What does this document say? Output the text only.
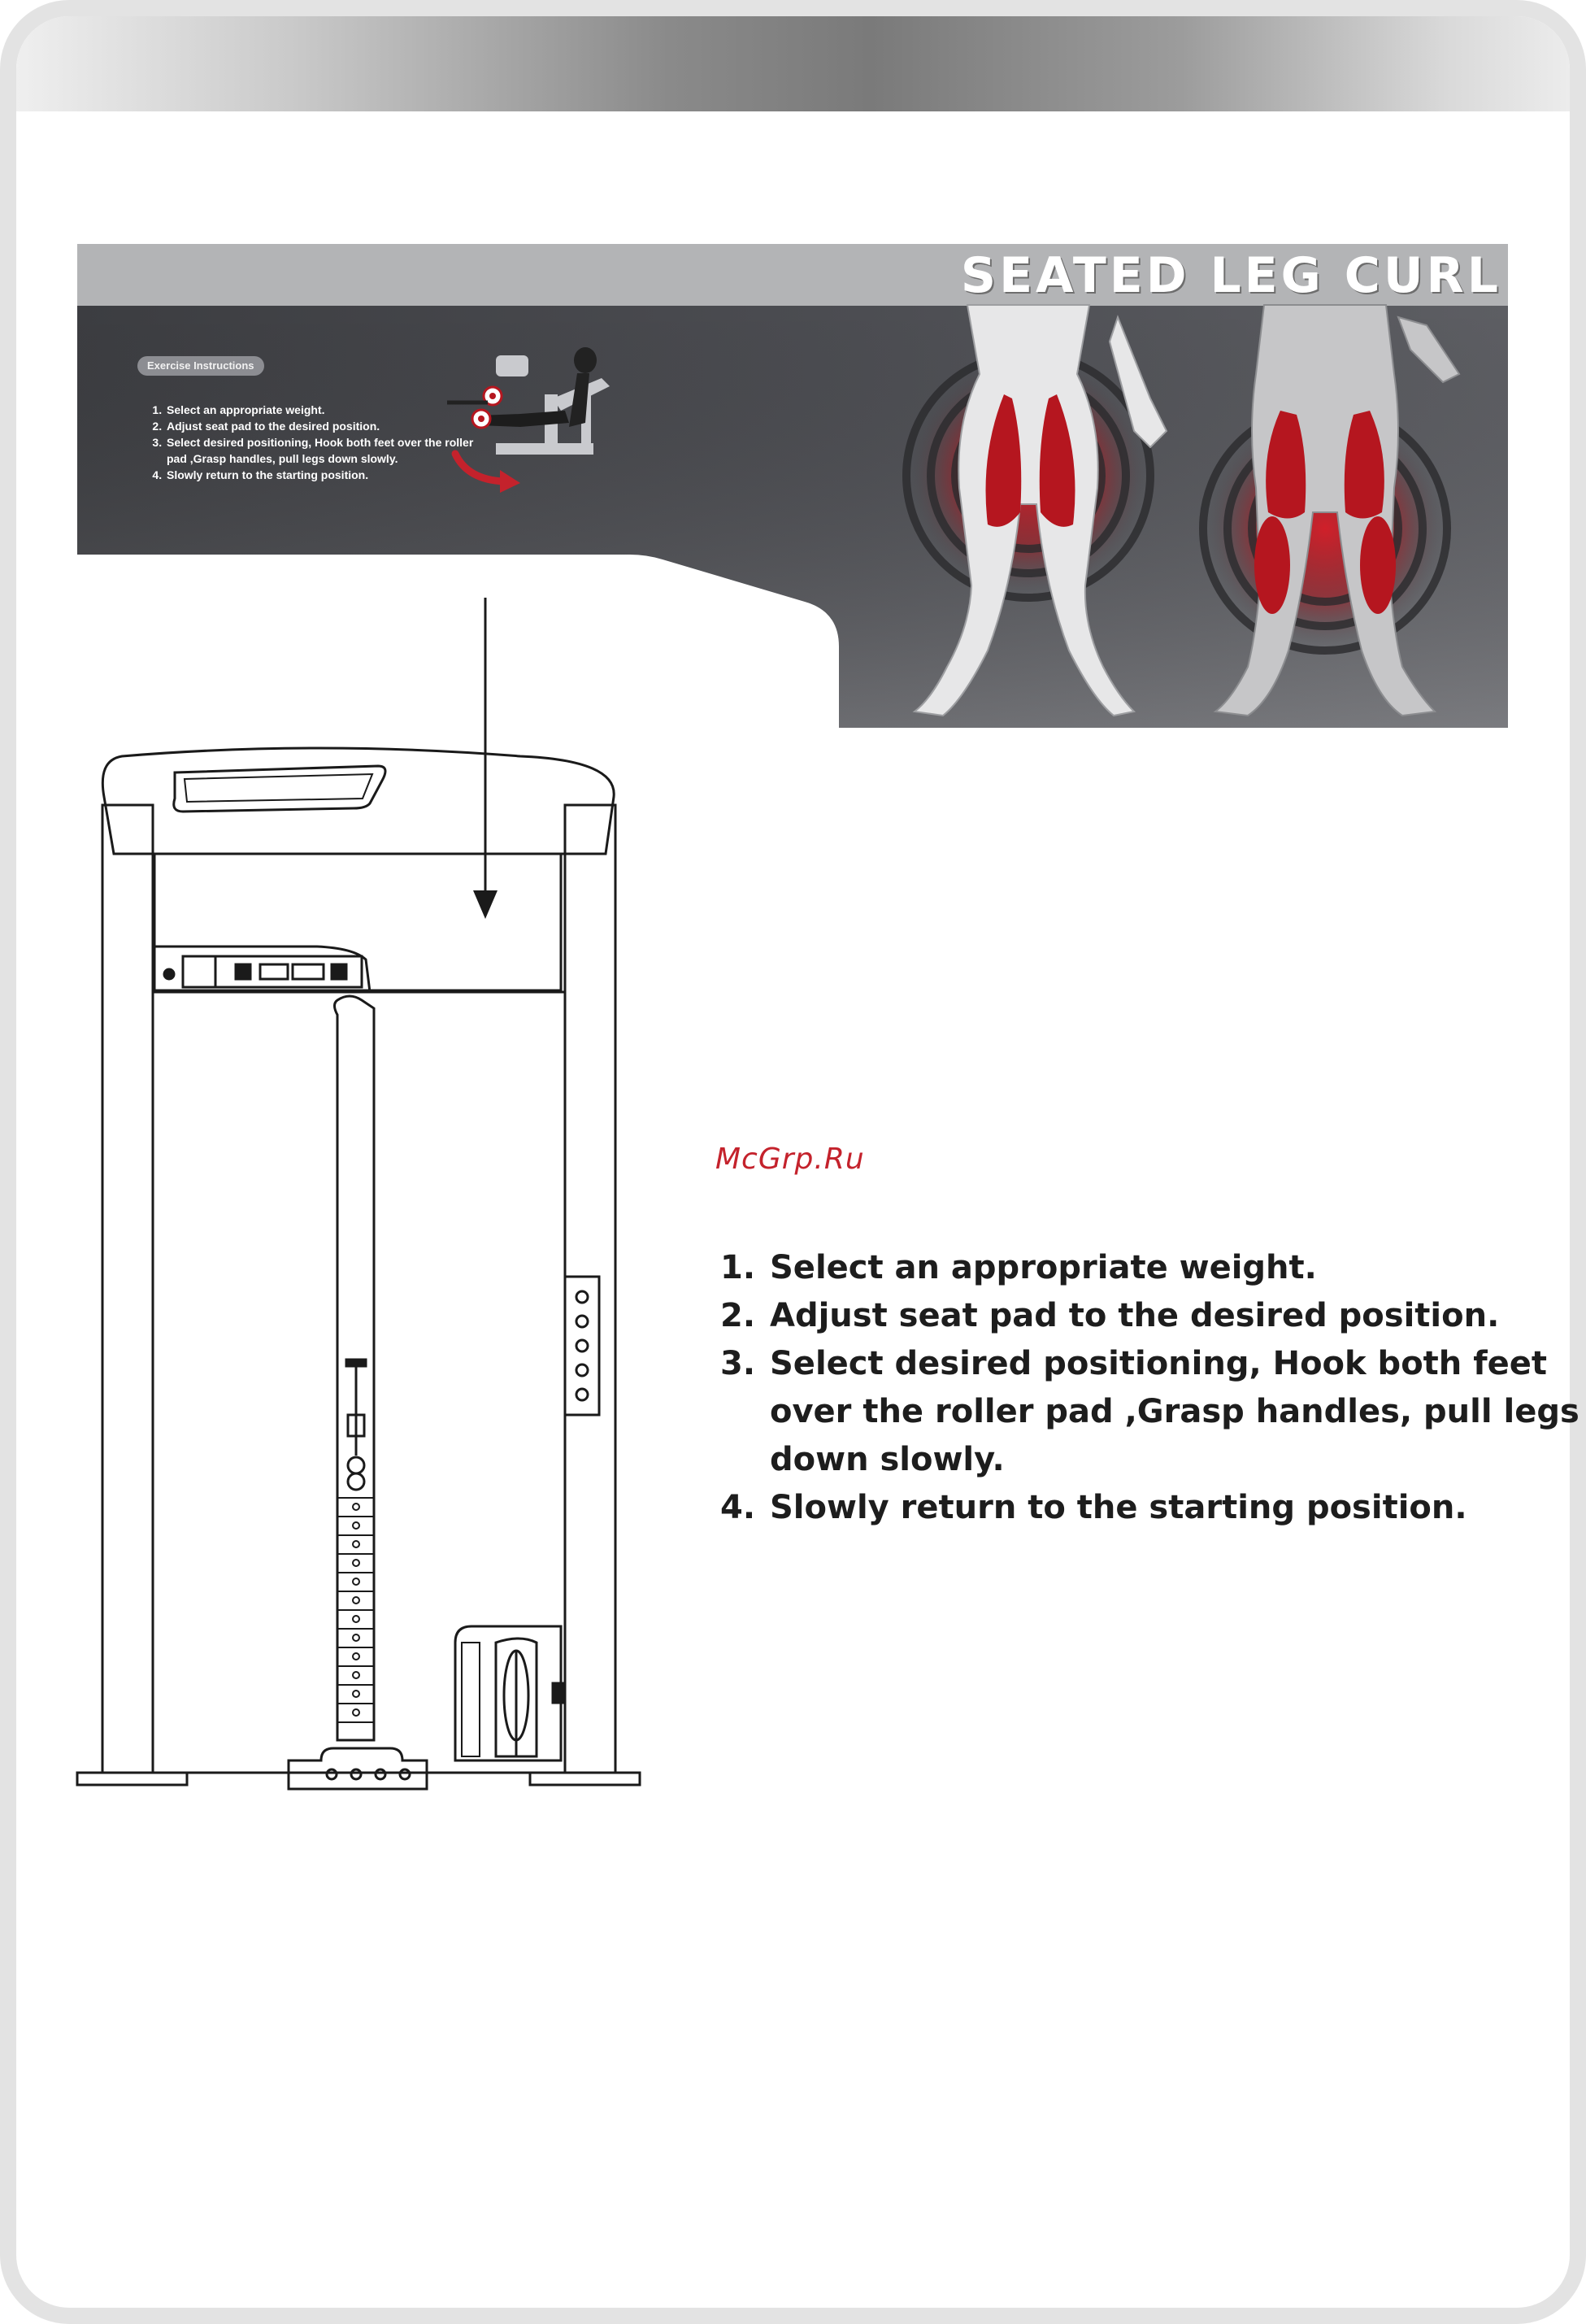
SEATED LEG CURL
Exercise Instructions
1. Select an appropriate weight.
2. Adjust seat pad to the desired position.
3. Select desired positioning, Hook both feet over the roller pad ,Grasp handles, pull legs down slowly.
4. Slowly return to the starting position.
McGrp.Ru
1. Select an appropriate weight.
2. Adjust seat pad to the desired position.
3. Select desired positioning, Hook both feet over the roller pad ,Grasp handles, pull legs down slowly.
4. Slowly return to the starting position.
